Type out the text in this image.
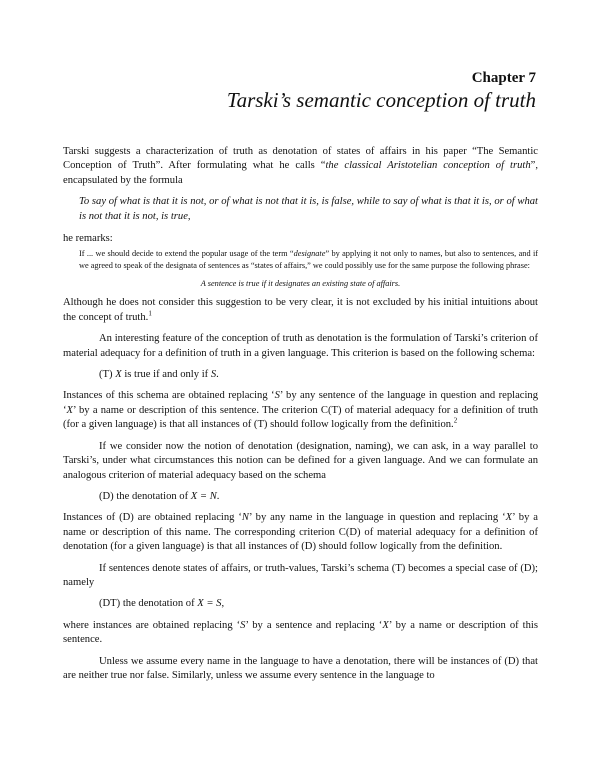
Chapter 7
Tarski’s semantic conception of truth

Tarski suggests a characterization of truth as denotation of states of affairs in his paper “The Semantic Conception of Truth”. After formulating what he calls “the classical Aristotelian conception of truth”, encapsulated by the formula

To say of what is that it is not, or of what is not that it is, is false, while to say of what is that it is, or of what is not that it is not, is true,

he remarks:

If ... we should decide to extend the popular usage of the term “designate” by applying it not only to names, but also to sentences, and if we agreed to speak of the designata of sentences as “states of affairs,” we could possibly use for the same purpose the following phrase:

A sentence is true if it designates an existing state of affairs.

Although he does not consider this suggestion to be very clear, it is not excluded by his initial intuitions about the concept of truth.$^1$

An interesting feature of the conception of truth as denotation is the formulation of Tarski’s criterion of material adequacy for a definition of truth in a given language. This criterion is based on the following schema:

(T) X is true if and only if S.

Instances of this schema are obtained replacing ‘S’ by any sentence of the language in question and replacing ‘X’ by a name or description of this sentence. The criterion C(T) of material adequacy for a definition of truth (for a given language) is that all instances of (T) should follow logically from the definition.$^2$

If we consider now the notion of denotation (designation, naming), we can ask, in a way parallel to Tarski’s, under what circumstances this notion can be defined for a given language. And we can formulate an analogous criterion of material adequacy based on the schema

(D) the denotation of X = N.

Instances of (D) are obtained replacing ‘N’ by any name in the language in question and replacing ‘X’ by a name or description of this name. The corresponding criterion C(D) of material adequacy for a definition of denotation (for a given language) is that all instances of (D) should follow logically from the definition.

If sentences denote states of affairs, or truth-values, Tarski’s schema (T) becomes a special case of (D); namely

(DT) the denotation of X = S,

where instances are obtained replacing ‘S’ by a sentence and replacing ‘X’ by a name or description of this sentence.

Unless we assume every name in the language to have a denotation, there will be instances of (D) that are neither true nor false. Similarly, unless we assume every sentence in the language to
